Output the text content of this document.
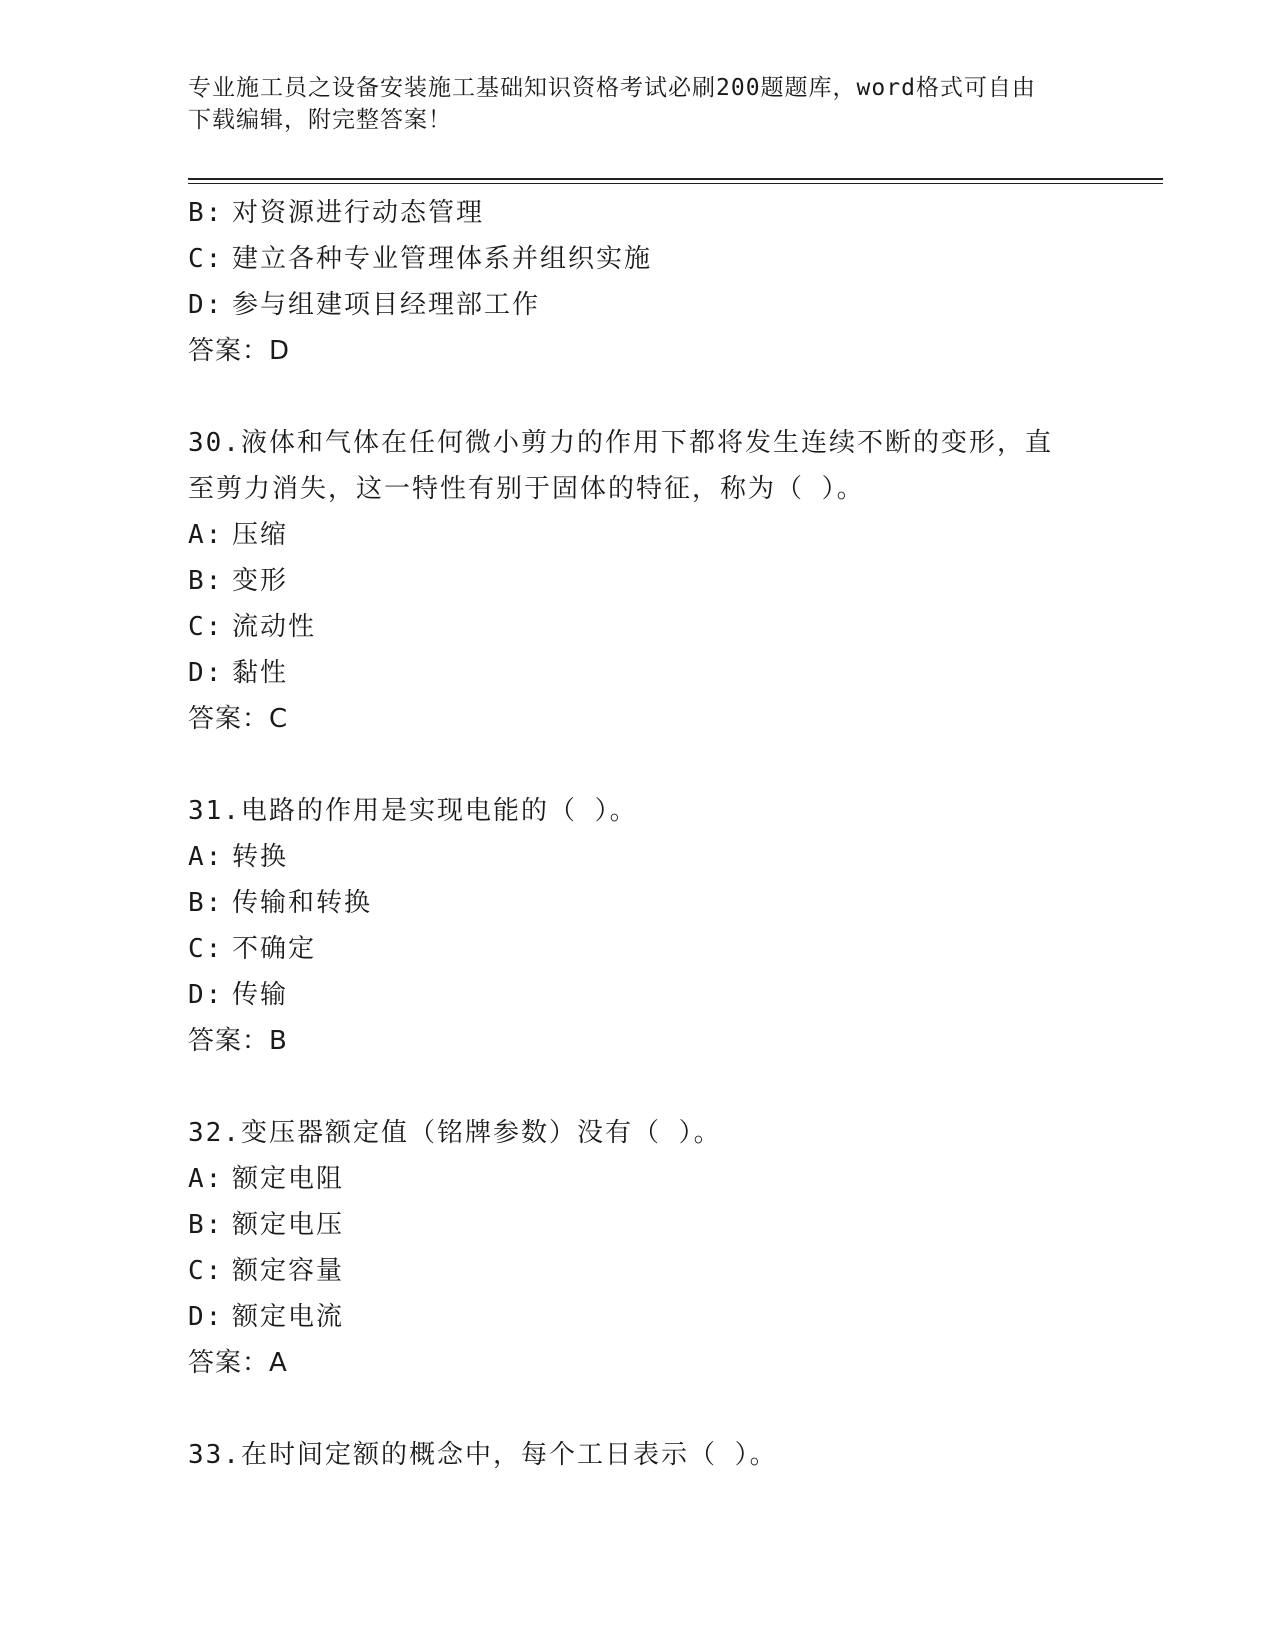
专业施工员之设备安装施工基础知识资格考试必刷200题题库，word格式可自由
下载编辑，附完整答案！
B: 对资源进行动态管理
C: 建立各种专业管理体系并组织实施
D: 参与组建项目经理部工作
答案：D
30.液体和气体在任何微小剪力的作用下都将发生连续不断的变形，直
至剪力消失，这一特性有别于固体的特征，称为（ ）。
A: 压缩
B: 变形
C: 流动性
D: 黏性
答案：C
31.电路的作用是实现电能的（ ）。
A: 转换
B: 传输和转换
C: 不确定
D: 传输
答案：B
32.变压器额定值（铭牌参数）没有（ ）。
A: 额定电阻
B: 额定电压
C: 额定容量
D: 额定电流
答案：A
33.在时间定额的概念中，每个工日表示（ ）。
